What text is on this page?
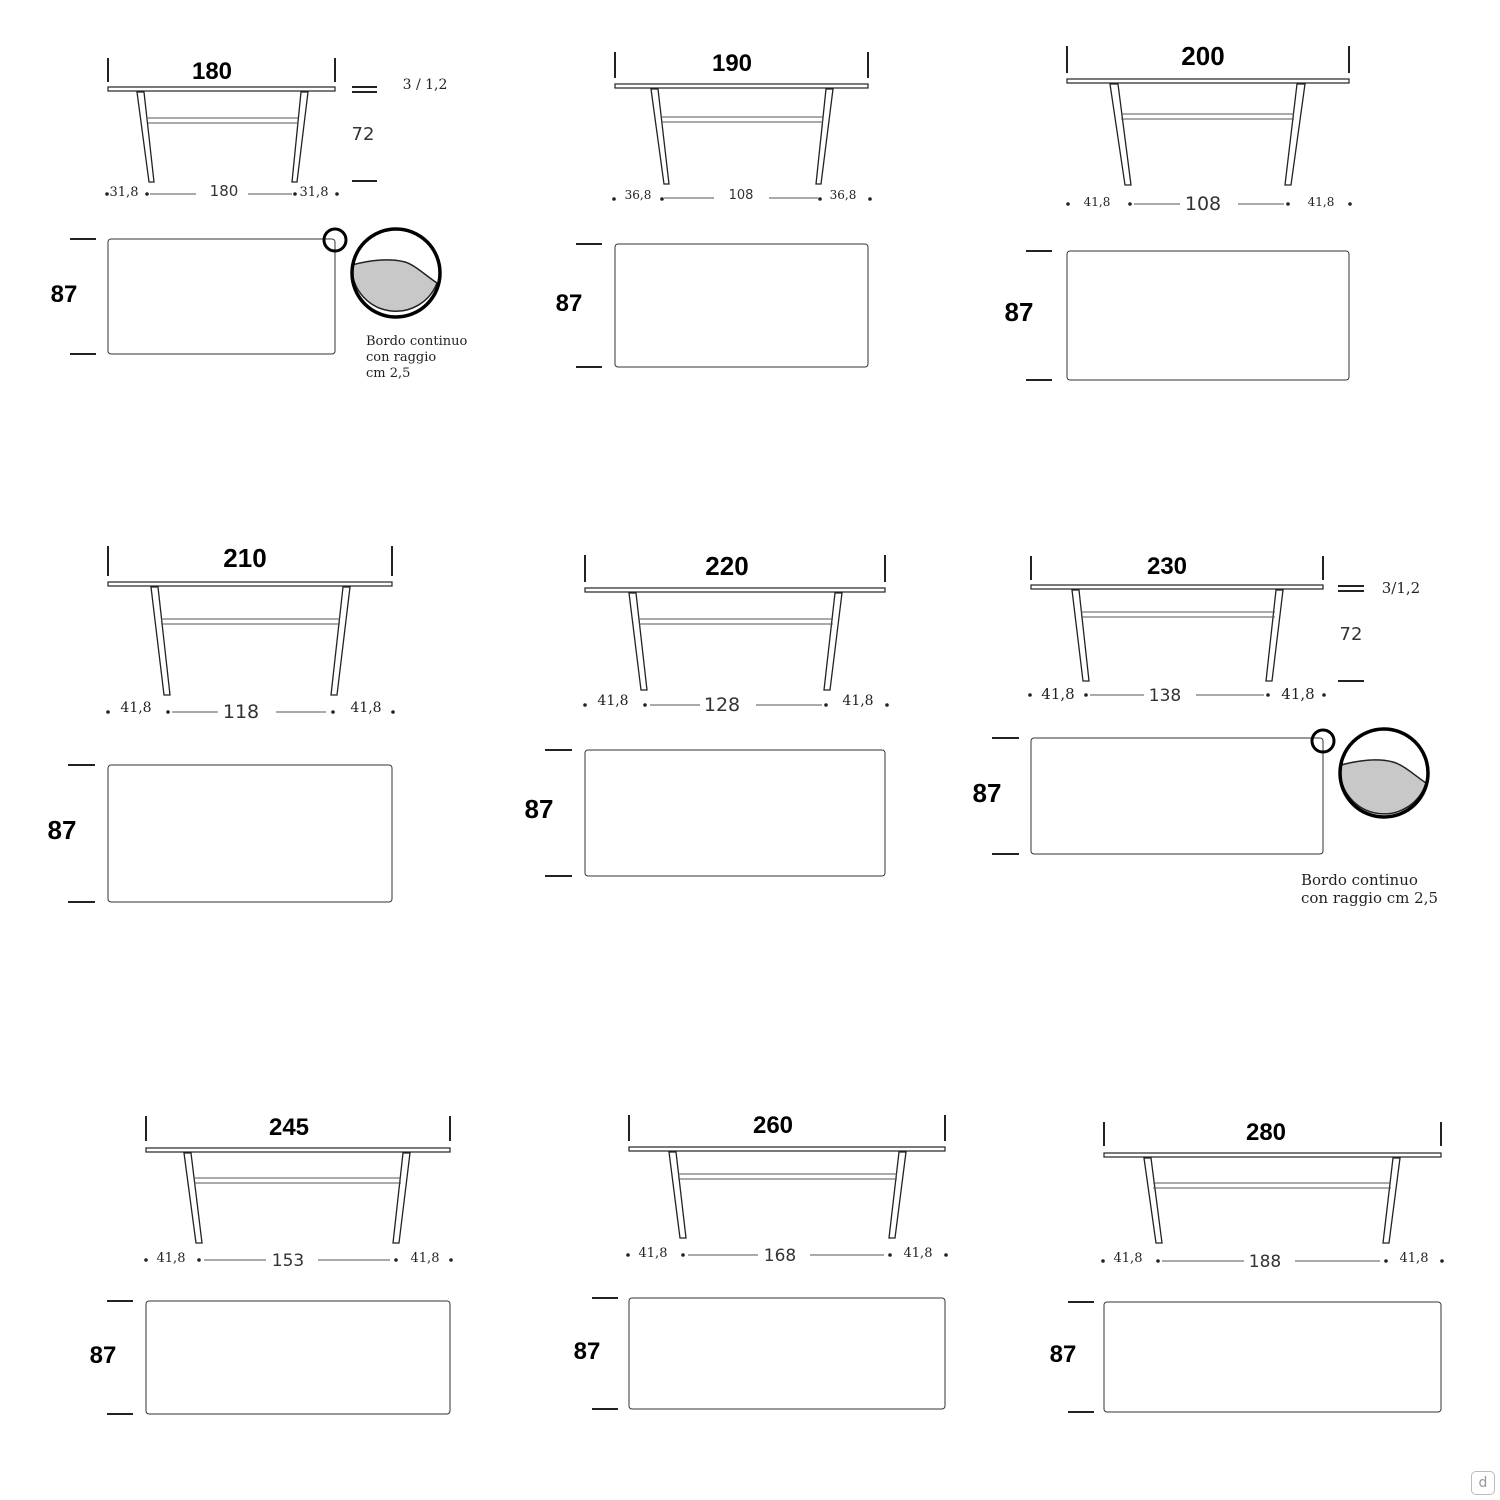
180
31,8	180	31,8
3 / 1,2
72
87
Bordo continuo
con raggio
cm 2,5
190
36,8	108	36,8
87
200
41,8	108	41,8
87
210
41,8	118	41,8
87
220
41,8	128	41,8
87
230
41,8	138	41,8
3/1,2
72
87
Bordo continuo
con raggio cm 2,5
245
41,8	153	41,8
87
260
41,8	168	41,8
87
280
41,8	188	41,8
87
d
